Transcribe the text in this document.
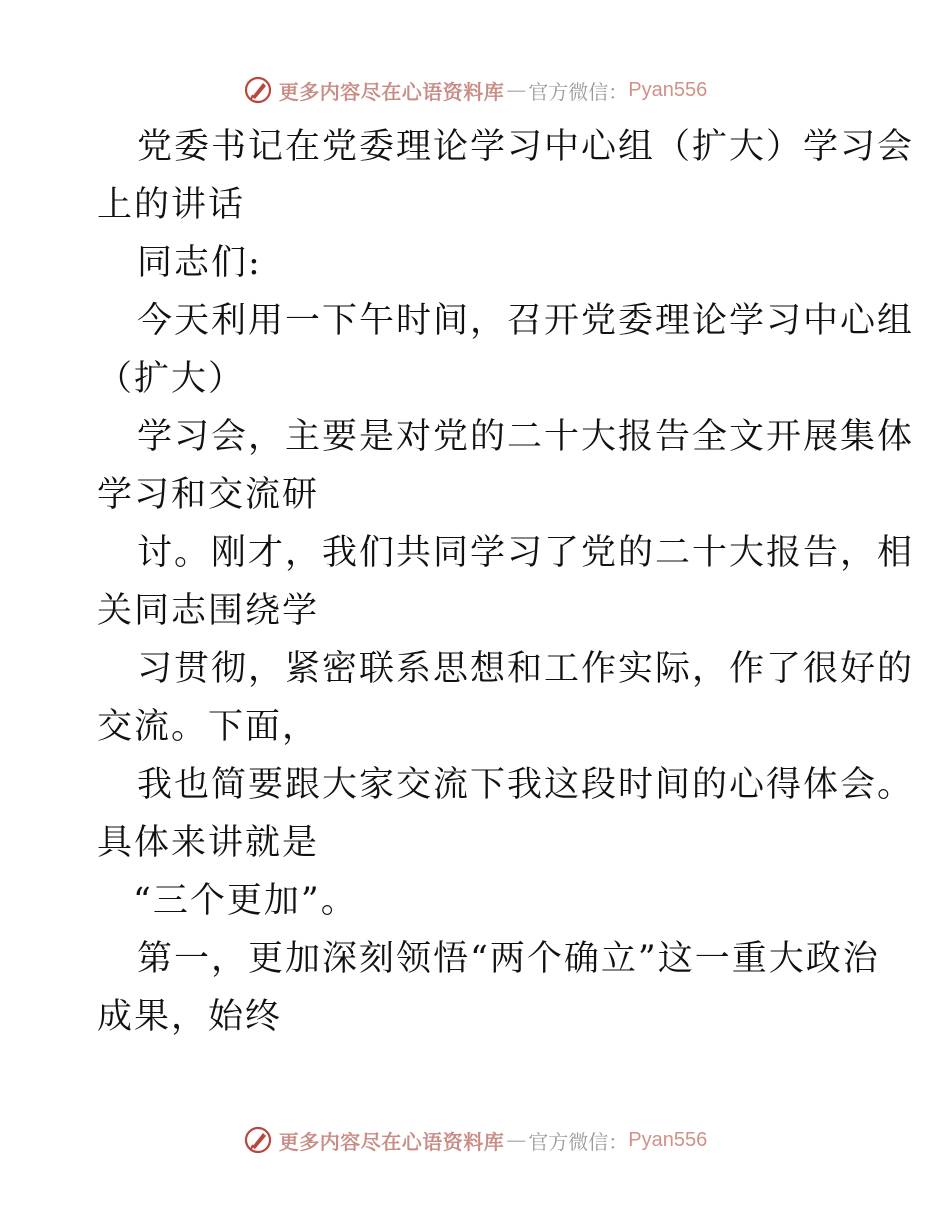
更多内容尽在心语资料库 — 官方微信： Pyan556
党委书记在党委理论学习中心组（扩大）学习会
上的讲话
同志们:
今天利用一下午时间，召开党委理论学习中心组
（扩大）
学习会，主要是对党的二十大报告全文开展集体
学习和交流研
讨。刚才，我们共同学习了党的二十大报告，相
关同志围绕学
习贯彻，紧密联系思想和工作实际，作了很好的
交流。下面，
我也简要跟大家交流下我这段时间的心得体会。
具体来讲就是
“三个更加”。
第一，更加深刻领悟“两个确立”这一重大政治
成果，始终
更多内容尽在心语资料库 — 官方微信： Pyan556
